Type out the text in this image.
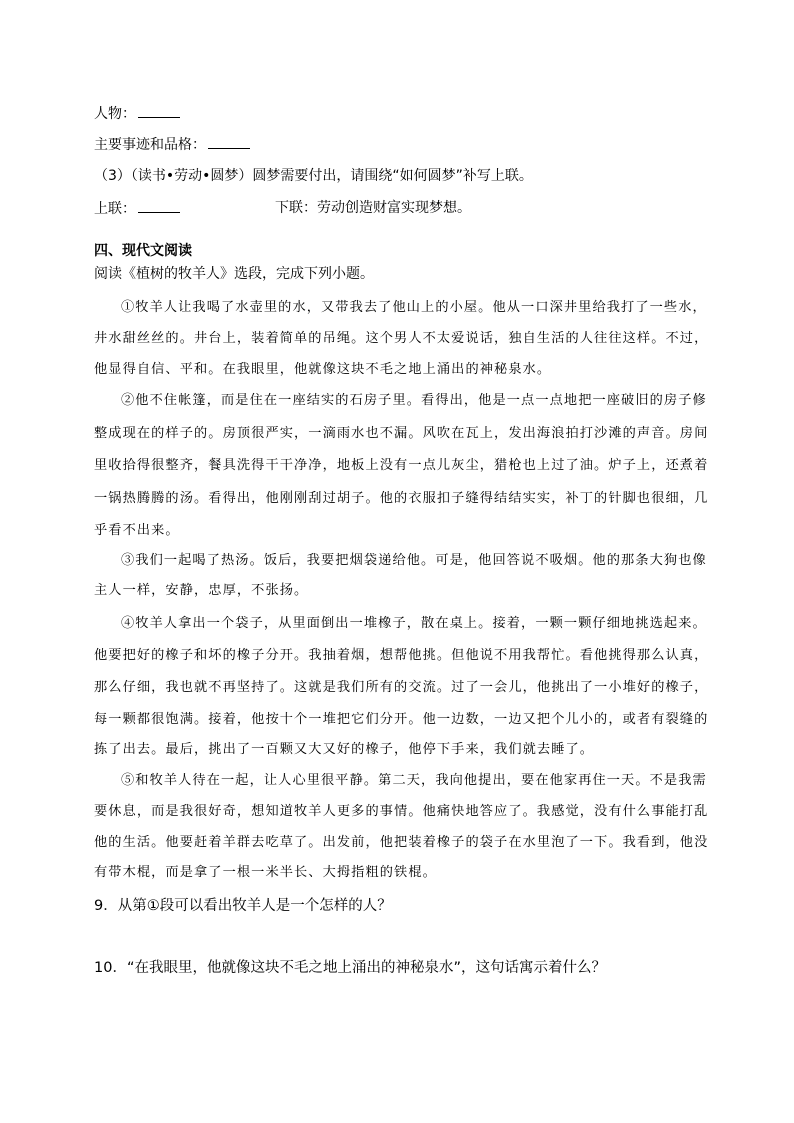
人物：
主要事迹和品格：
（3）（读书•劳动•圆梦）圆梦需要付出，请围绕“如何圆梦”补写上联。
上联：	下联：劳动创造财富实现梦想。
四、现代文阅读
阅读《植树的牧羊人》选段，完成下列小题。
①牧羊人让我喝了水壶里的水，又带我去了他山上的小屋。他从一口深井里给我打了一些水，
井水甜丝丝的。井台上，装着简单的吊绳。这个男人不太爱说话，独自生活的人往往这样。不过，
他显得自信、平和。在我眼里，他就像这块不毛之地上涌出的神秘泉水。
②他不住帐篷，而是住在一座结实的石房子里。看得出，他是一点一点地把一座破旧的房子修
整成现在的样子的。房顶很严实，一滴雨水也不漏。风吹在瓦上，发出海浪拍打沙滩的声音。房间
里收拾得很整齐，餐具洗得干干净净，地板上没有一点儿灰尘，猎枪也上过了油。炉子上，还煮着
一锅热腾腾的汤。看得出，他刚刚刮过胡子。他的衣服扣子缝得结结实实，补丁的针脚也很细，几
乎看不出来。
③我们一起喝了热汤。饭后，我要把烟袋递给他。可是，他回答说不吸烟。他的那条大狗也像
主人一样，安静，忠厚，不张扬。
④牧羊人拿出一个袋子，从里面倒出一堆橡子，散在桌上。接着，一颗一颗仔细地挑选起来。
他要把好的橡子和坏的橡子分开。我抽着烟，想帮他挑。但他说不用我帮忙。看他挑得那么认真，
那么仔细，我也就不再坚持了。这就是我们所有的交流。过了一会儿，他挑出了一小堆好的橡子，
每一颗都很饱满。接着，他按十个一堆把它们分开。他一边数，一边又把个儿小的，或者有裂缝的
拣了出去。最后，挑出了一百颗又大又好的橡子，他停下手来，我们就去睡了。
⑤和牧羊人待在一起，让人心里很平静。第二天，我向他提出，要在他家再住一天。不是我需
要休息，而是我很好奇，想知道牧羊人更多的事情。他痛快地答应了。我感觉，没有什么事能打乱
他的生活。他要赶着羊群去吃草了。出发前，他把装着橡子的袋子在水里泡了一下。我看到，他没
有带木棍，而是拿了一根一米半长、大拇指粗的铁棍。
9．从第①段可以看出牧羊人是一个怎样的人？
10．“在我眼里，他就像这块不毛之地上涌出的神秘泉水”，这句话寓示着什么？
